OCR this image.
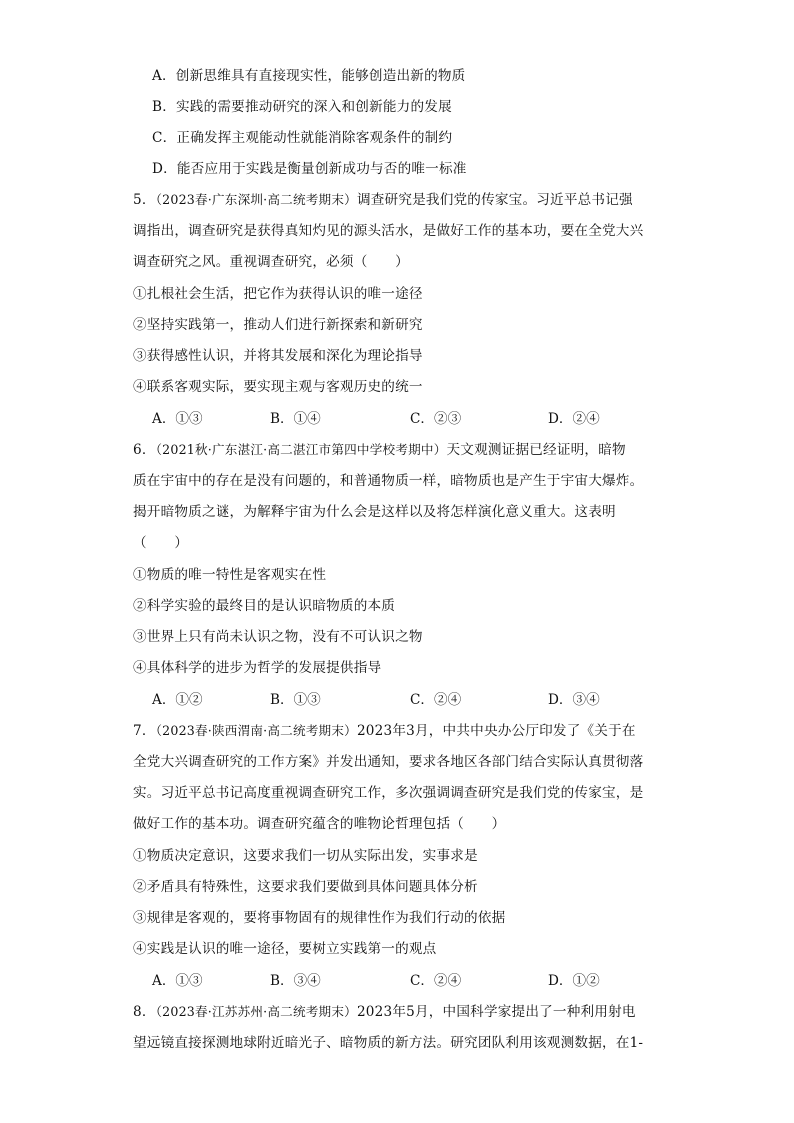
A．创新思维具有直接现实性，能够创造出新的物质
B．实践的需要推动研究的深入和创新能力的发展
C．正确发挥主观能动性就能消除客观条件的制约
D．能否应用于实践是衡量创新成功与否的唯一标准
5．（2023春·广东深圳·高二统考期末）调查研究是我们党的传家宝。习近平总书记强
调指出，调查研究是获得真知灼见的源头活水，是做好工作的基本功，要在全党大兴
调查研究之风。重视调查研究，必须（　　）
①扎根社会生活，把它作为获得认识的唯一途径
②坚持实践第一，推动人们进行新探索和新研究
③获得感性认识，并将其发展和深化为理论指导
④联系客观实际，要实现主观与客观历史的统一
A．①③	B．①④	C．②③	D．②④
6．（2021秋·广东湛江·高二湛江市第四中学校考期中）天文观测证据已经证明，暗物
质在宇宙中的存在是没有问题的，和普通物质一样，暗物质也是产生于宇宙大爆炸。
揭开暗物质之谜，为解释宇宙为什么会是这样以及将怎样演化意义重大。这表明
（　　）
①物质的唯一特性是客观实在性
②科学实验的最终目的是认识暗物质的本质
③世界上只有尚未认识之物，没有不可认识之物
④具体科学的进步为哲学的发展提供指导
A．①②	B．①③	C．②④	D．③④
7．（2023春·陕西渭南·高二统考期末）2023年3月，中共中央办公厅印发了《关于在
全党大兴调查研究的工作方案》并发出通知，要求各地区各部门结合实际认真贯彻落
实。习近平总书记高度重视调查研究工作，多次强调调查研究是我们党的传家宝，是
做好工作的基本功。调查研究蕴含的唯物论哲理包括（　　）
①物质决定意识，这要求我们一切从实际出发，实事求是
②矛盾具有特殊性，这要求我们要做到具体问题具体分析
③规律是客观的，要将事物固有的规律性作为我们行动的依据
④实践是认识的唯一途径，要树立实践第一的观点
A．①③	B．③④	C．②④	D．①②
8．（2023春·江苏苏州·高二统考期末）2023年5月，中国科学家提出了一种利用射电
望远镜直接探测地球附近暗光子、暗物质的新方法。研究团队利用该观测数据，在1-
